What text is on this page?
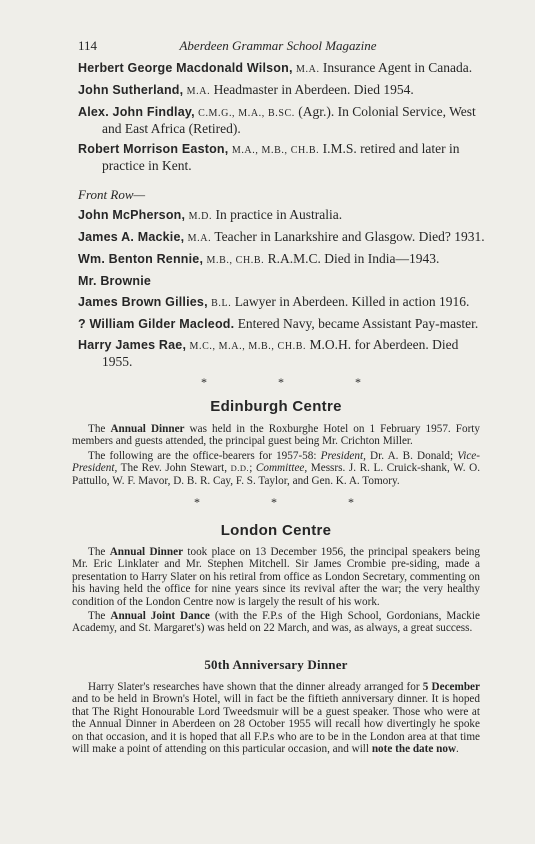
114	Aberdeen Grammar School Magazine
Herbert George Macdonald Wilson, M.A. Insurance Agent in Canada.
John Sutherland, M.A. Headmaster in Aberdeen. Died 1954.
Alex. John Findlay, C.M.G., M.A., B.SC. (Agr.). In Colonial Service, West and East Africa (Retired).
Robert Morrison Easton, M.A., M.B., CH.B. I.M.S. retired and later in practice in Kent.
Front Row—
John McPherson, M.D. In practice in Australia.
James A. Mackie, M.A. Teacher in Lanarkshire and Glasgow. Died? 1931.
Wm. Benton Rennie, M.B., CH.B. R.A.M.C. Died in India—1943.
Mr. Brownie
James Brown Gillies, B.L. Lawyer in Aberdeen. Killed in action 1916.
? William Gilder Macleod. Entered Navy, became Assistant Pay-master.
Harry James Rae, M.C., M.A., M.B., CH.B. M.O.H. for Aberdeen. Died 1955.
* * *
Edinburgh Centre

The Annual Dinner was held in the Roxburghe Hotel on 1 February 1957. Forty members and guests attended, the principal guest being Mr. Crichton Miller.

The following are the office-bearers for 1957-58: President, Dr. A. B. Donald; Vice-President, The Rev. John Stewart, D.D.; Committee, Messrs. J. R. L. Cruick-shank, W. O. Pattullo, W. F. Mavor, D. B. R. Cay, F. S. Taylor, and Gen. K. A. Tomory.

* * *
London Centre

The Annual Dinner took place on 13 December 1956, the principal speakers being Mr. Eric Linklater and Mr. Stephen Mitchell. Sir James Crombie pre-siding, made a presentation to Harry Slater on his retiral from office as London Secretary, commenting on his having held the office for nine years since its revival after the war; the very healthy condition of the London Centre now is largely the result of his work.

The Annual Joint Dance (with the F.P.s of the High School, Gordonians, Mackie Academy, and St. Margaret's) was held on 22 March, and was, as always, a great success.

50th Anniversary Dinner

Harry Slater's researches have shown that the dinner already arranged for 5 December and to be held in Brown's Hotel, will in fact be the fiftieth anniversary dinner. It is hoped that The Right Honourable Lord Tweedsmuir will be a guest speaker. Those who were at the Annual Dinner in Aberdeen on 28 October 1955 will recall how divertingly he spoke on that occasion, and it is hoped that all F.P.s who are to be in the London area at that time will make a point of attending on this particular occasion, and will note the date now.
